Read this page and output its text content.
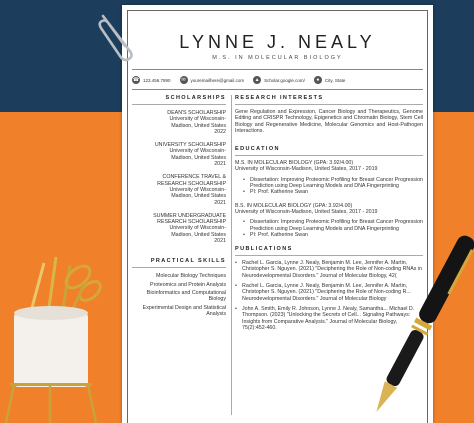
LYNNE J. NEALY
M.S. IN MOLECULAR BIOLOGY
☎ 123.456.7890	✉	youremailhere@gmail.com	▲	Scholar.google.com/	●	City, State
SCHOLARSHIPS
DEAN'S SCHOLARSHIP
University of Wisconsin-
Madison, United States
2022
UNIVERSITY SCHOLARSHIP
University of Wisconsin-
Madison, United States
2021
CONFERENCE TRAVEL & RESEARCH SCHOLARSHIP
University of Wisconsin-
Madison, United States
2021
SUMMER UNDERGRADUATE RESEARCH SCHOLARSHIP
University of Wisconsin-
Madison, United States
2021
PRACTICAL SKILLS
Molecular Biology Techniques
Proteomics and Protein Analysis
Bioinformatics and Computational Biology
Experimental Design and Statistical Analysis
RESEARCH INTERESTS
Gene Regulation and Expression, Cancer Biology and Therapeutics, Genome Editing and CRISPR Technology, Epigenetics and Chromatin Biology, Stem Cell Biology and Regenerative Medicine, Molecular Genomics and Host-Pathogen Interactions.
EDUCATION
M.S. IN MOLECULAR BIOLOGY (GPA: 3.92/4.00)
University of Wisconsin-Madison, United States, 2017 - 2019
• Dissertation: Improving Proteomic Profiling for Breast Cancer Progression Prediction using Deep Learning Models and DNA Fingerprinting
• PI: Prof. Katherine Swan
B.S. IN MOLECULAR BIOLOGY (GPA: 3.92/4.00)
University of Wisconsin-Madison, United States, 2017 - 2019
• Dissertation: Improving Proteomic Profiling for Breast Cancer Progression Prediction using Deep Learning Models and DNA Fingerprinting
• PI: Prof. Katherine Swan
PUBLICATIONS
• Rachel L. Garcia, Lynne J. Nealy, Benjamin M. Lee, Jennifer A. Martin, Christopher S. Nguyen. (2021) "Deciphering the Role of Non-coding RNAs in Neurodevelopmental Disorders." Journal of Molecular Biology, 42(
• Rachel L. Garcia, Lynne J. Nealy, Benjamin M. Lee, Jennifer A. Martin, Christopher S. Nguyen. (2021) "Deciphering the Role of Non-coding R... Neurodevelopmental Disorders." Journal of Molecular Biology
• John A. Smith, Emily R. Johnson, Lynne J. Nealy, Samantha... Michael D. Thompson. (2023) "Unlocking the Secrets of Cell... Signaling Pathways: Insights from Comparative Analysis." Journal of Molecular Biology, 75(2):452-460.
